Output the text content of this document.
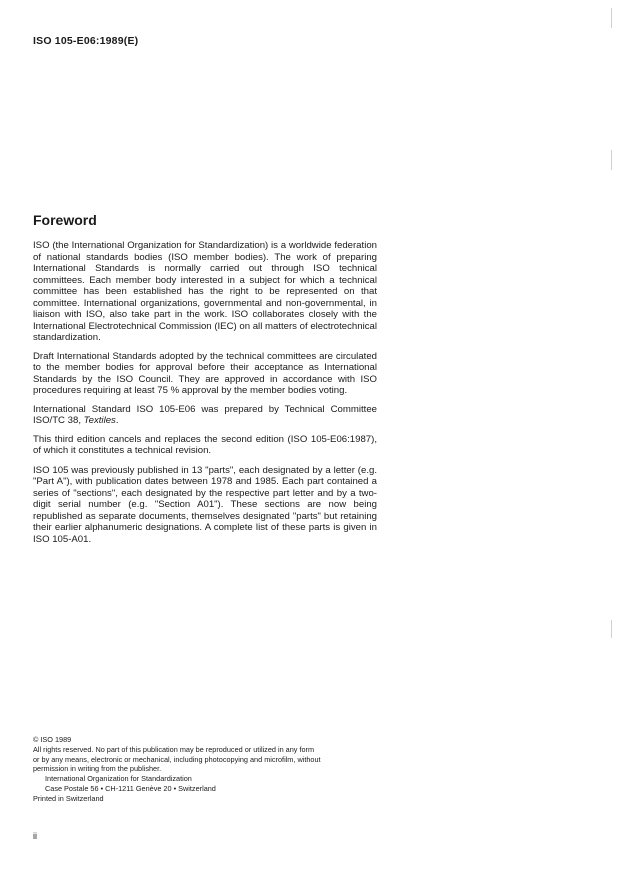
ISO 105-E06:1989(E)
Foreword

ISO (the International Organization for Standardization) is a worldwide federation of national standards bodies (ISO member bodies). The work of preparing International Standards is normally carried out through ISO technical committees. Each member body interested in a subject for which a technical committee has been established has the right to be represented on that committee. International organizations, governmental and non-governmental, in liaison with ISO, also take part in the work. ISO collaborates closely with the International Electrotechnical Commission (IEC) on all matters of electrotechnical standardization.

Draft International Standards adopted by the technical committees are circulated to the member bodies for approval before their acceptance as International Standards by the ISO Council. They are approved in accordance with ISO procedures requiring at least 75 % approval by the member bodies voting.

International Standard ISO 105-E06 was prepared by Technical Committee ISO/TC 38, Textiles.

This third edition cancels and replaces the second edition (ISO 105-E06:1987), of which it constitutes a technical revision.

ISO 105 was previously published in 13 "parts", each designated by a letter (e.g. "Part A"), with publication dates between 1978 and 1985. Each part contained a series of "sections", each designated by the respective part letter and by a two-digit serial number (e.g. "Section A01"). These sections are now being republished as separate documents, themselves designated "parts" but retaining their earlier alphanumeric designations. A complete list of these parts is given in ISO 105-A01.

© ISO 1989
All rights reserved. No part of this publication may be reproduced or utilized in any form
or by any means, electronic or mechanical, including photocopying and microfilm, without
permission in writing from the publisher.
International Organization for Standardization
Case Postale 56 • CH-1211 Genève 20 • Switzerland
Printed in Switzerland
ii
